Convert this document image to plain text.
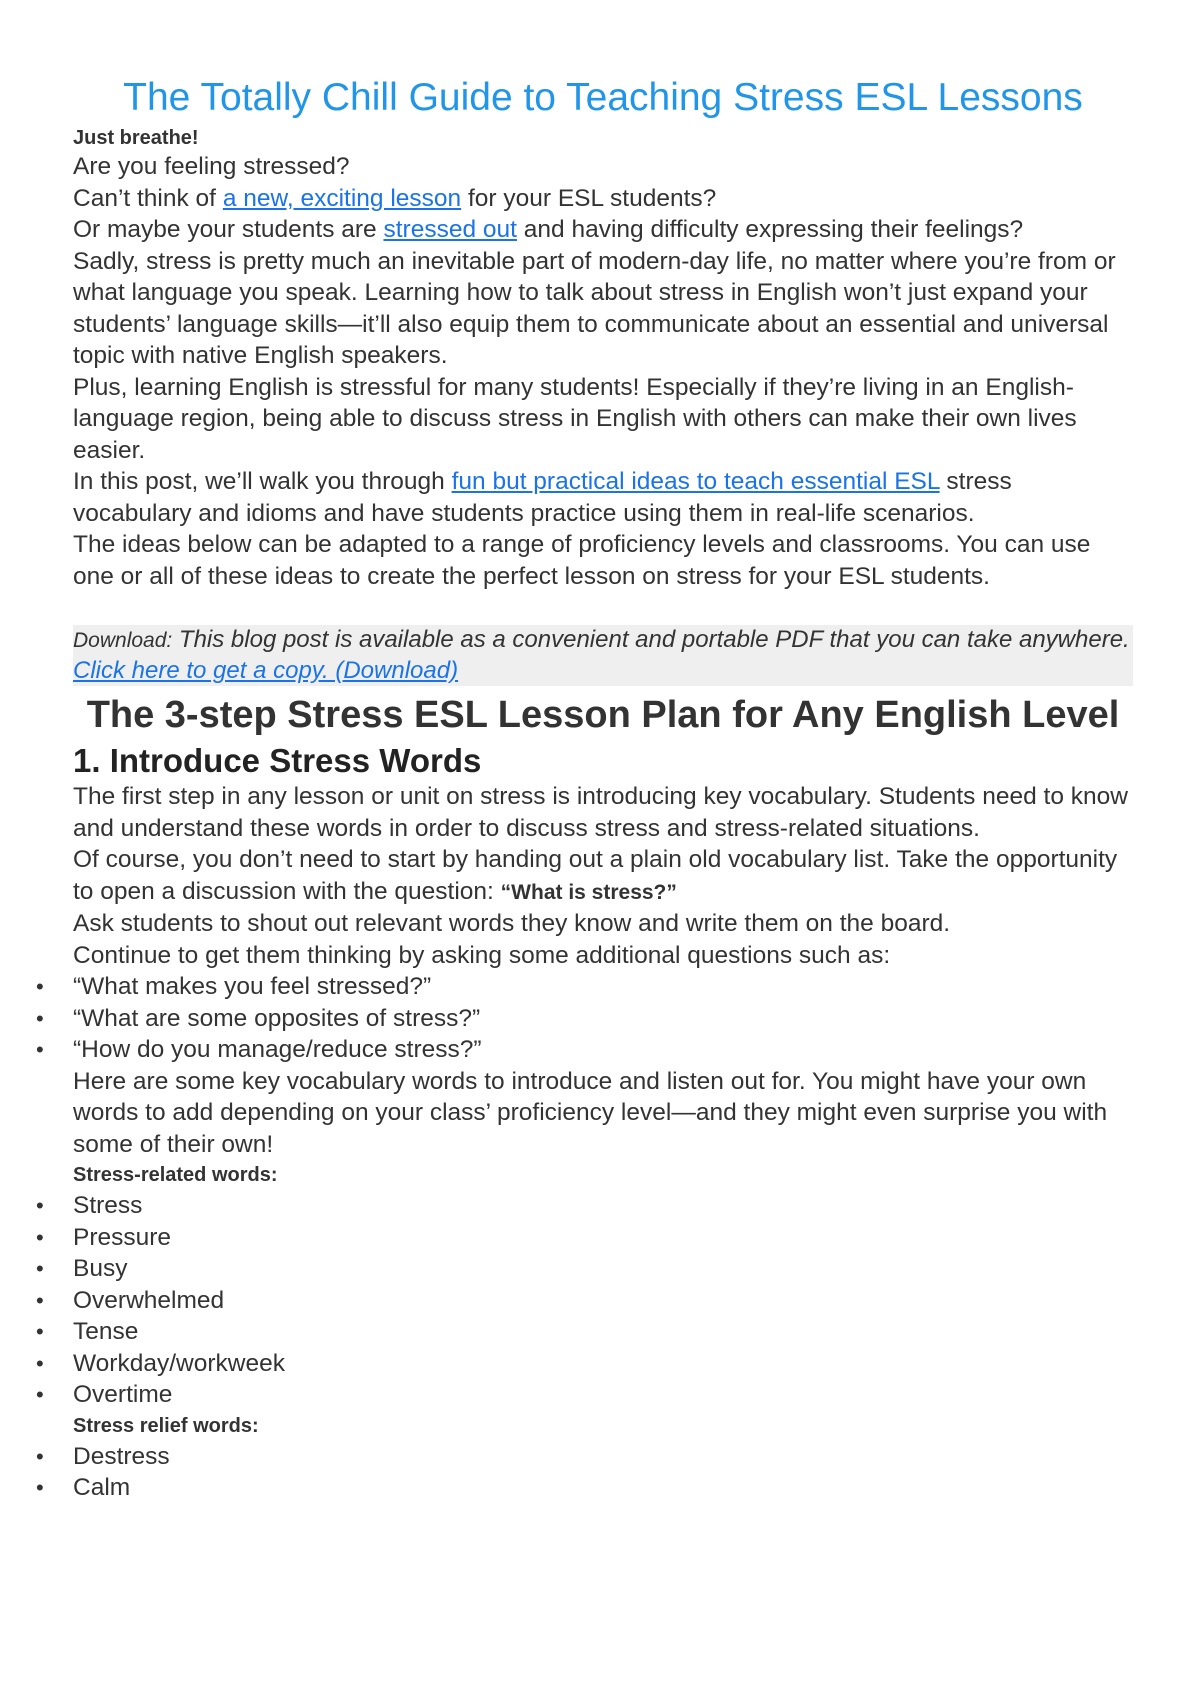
The Totally Chill Guide to Teaching Stress ESL Lessons
Just breathe!

Are you feeling stressed?

Can’t think of a new, exciting lesson for your ESL students?

Or maybe your students are stressed out and having difficulty expressing their feelings?

Sadly, stress is pretty much an inevitable part of modern-day life, no matter where you’re from or what language you speak. Learning how to talk about stress in English won’t just expand your students’ language skills—it’ll also equip them to communicate about an essential and universal topic with native English speakers.

Plus, learning English is stressful for many students! Especially if they’re living in an English-language region, being able to discuss stress in English with others can make their own lives easier.

In this post, we’ll walk you through fun but practical ideas to teach essential ESL stress vocabulary and idioms and have students practice using them in real-life scenarios.

The ideas below can be adapted to a range of proficiency levels and classrooms. You can use one or all of these ideas to create the perfect lesson on stress for your ESL students.

Download: This blog post is available as a convenient and portable PDF that you can take anywhere. Click here to get a copy. (Download)
The 3-step Stress ESL Lesson Plan for Any English Level
1. Introduce Stress Words

The first step in any lesson or unit on stress is introducing key vocabulary. Students need to know and understand these words in order to discuss stress and stress-related situations.

Of course, you don’t need to start by handing out a plain old vocabulary list. Take the opportunity to open a discussion with the question: “What is stress?”

Ask students to shout out relevant words they know and write them on the board.

Continue to get them thinking by asking some additional questions such as:

• “What makes you feel stressed?”
• “What are some opposites of stress?”
• “How do you manage/reduce stress?”

Here are some key vocabulary words to introduce and listen out for. You might have your own words to add depending on your class’ proficiency level—and they might even surprise you with some of their own!

Stress-related words:
• Stress
• Pressure
• Busy
• Overwhelmed
• Tense
• Workday/workweek
• Overtime
Stress relief words:
• Destress
• Calm
